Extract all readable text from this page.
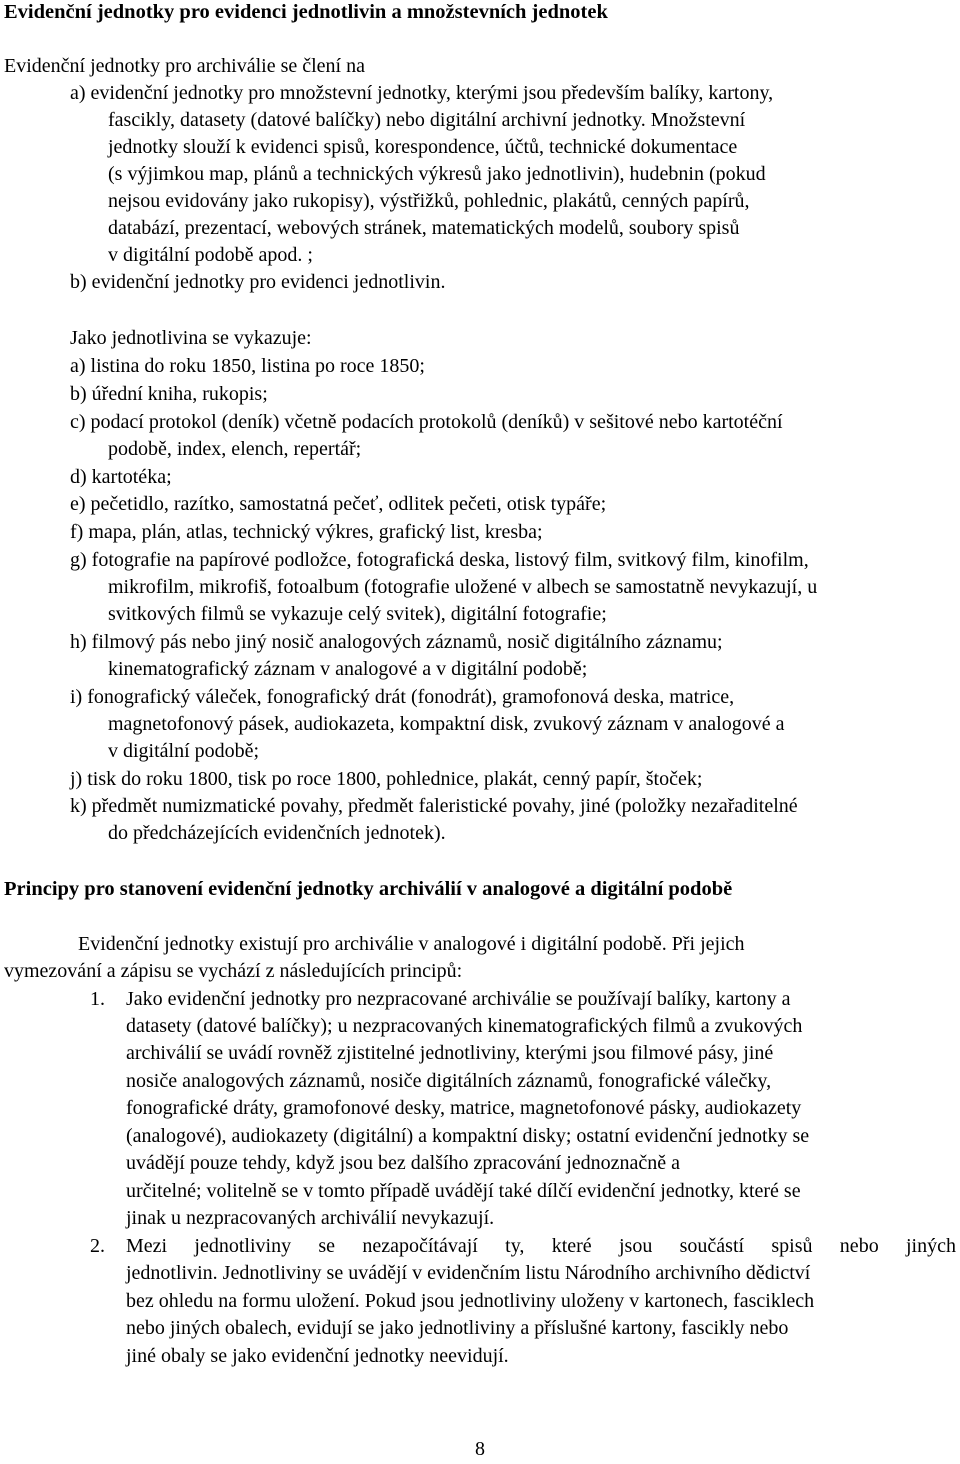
Evidenční jednotky pro evidenci jednotlivin a množstevních jednotek
Evidenční jednotky pro archiválie se člení na
a) evidenční jednotky pro množstevní jednotky, kterými jsou především balíky, kartony,
fascikly, datasety (datové balíčky) nebo digitální archivní jednotky. Množstevní
jednotky slouží k evidenci spisů, korespondence, účtů, technické dokumentace
(s výjimkou map, plánů a technických výkresů jako jednotlivin), hudebnin (pokud
nejsou evidovány jako rukopisy), výstřižků, pohlednic, plakátů, cenných papírů,
databází, prezentací, webových stránek, matematických modelů, soubory spisů
v digitální podobě apod. ;
b) evidenční jednotky pro evidenci jednotlivin.
Jako jednotlivina se vykazuje:
a) listina do roku 1850, listina po roce 1850;
b) úřední kniha, rukopis;
c) podací protokol (deník) včetně podacích protokolů (deníků) v sešitové nebo kartotéční
podobě, index, elench, repertář;
d) kartotéka;
e) pečetidlo, razítko, samostatná pečeť, odlitek pečeti, otisk typáře;
f) mapa, plán, atlas, technický výkres, grafický list, kresba;
g) fotografie na papírové podložce, fotografická deska, listový film, svitkový film, kinofilm,
mikrofilm, mikrofiš, fotoalbum (fotografie uložené v albech se samostatně nevykazují, u
svitkových filmů se vykazuje celý svitek), digitální fotografie;
h) filmový pás nebo jiný nosič analogových záznamů, nosič digitálního záznamu;
kinematografický záznam v analogové a v digitální podobě;
i) fonografický váleček, fonografický drát (fonodrát), gramofonová deska, matrice,
magnetofonový pásek, audiokazeta, kompaktní disk, zvukový záznam v analogové a
v digitální podobě;
j) tisk do roku 1800, tisk po roce 1800, pohlednice, plakát, cenný papír, štoček;
k) předmět numizmatické povahy, předmět faleristické povahy, jiné (položky nezařaditelné
do předcházejících evidenčních jednotek).
Principy pro stanovení evidenční jednotky archiválií v analogové a digitální podobě
Evidenční jednotky existují pro archiválie v analogové i digitální podobě. Při jejich
vymezování a zápisu se vychází z následujících principů:
1. Jako evidenční jednotky pro nezpracované archiválie se používají balíky, kartony a
datasety (datové balíčky); u nezpracovaných kinematografických filmů a zvukových
archiválií se uvádí rovněž zjistitelné jednotliviny, kterými jsou filmové pásy, jiné
nosiče analogových záznamů, nosiče digitálních záznamů, fonografické válečky,
fonografické dráty, gramofonové desky, matrice, magnetofonové pásky, audiokazety
(analogové), audiokazety (digitální) a kompaktní disky; ostatní evidenční jednotky se
uvádějí pouze tehdy, když jsou bez dalšího zpracování jednoznačně a
určitelné; volitelně se v tomto případě uvádějí také dílčí evidenční jednotky, které se
jinak u nezpracovaných archiválií nevykazují.
2. Mezi jednotliviny se nezapočítávají ty, které jsou součástí spisů nebo jiných
jednotlivin. Jednotliviny se uvádějí v evidenčním listu Národního archivního dědictví
bez ohledu na formu uložení. Pokud jsou jednotliviny uloženy v kartonech, fasciklech
nebo jiných obalech, evidují se jako jednotliviny a příslušné kartony, fascikly nebo
jiné obaly se jako evidenční jednotky neevidují.
8
